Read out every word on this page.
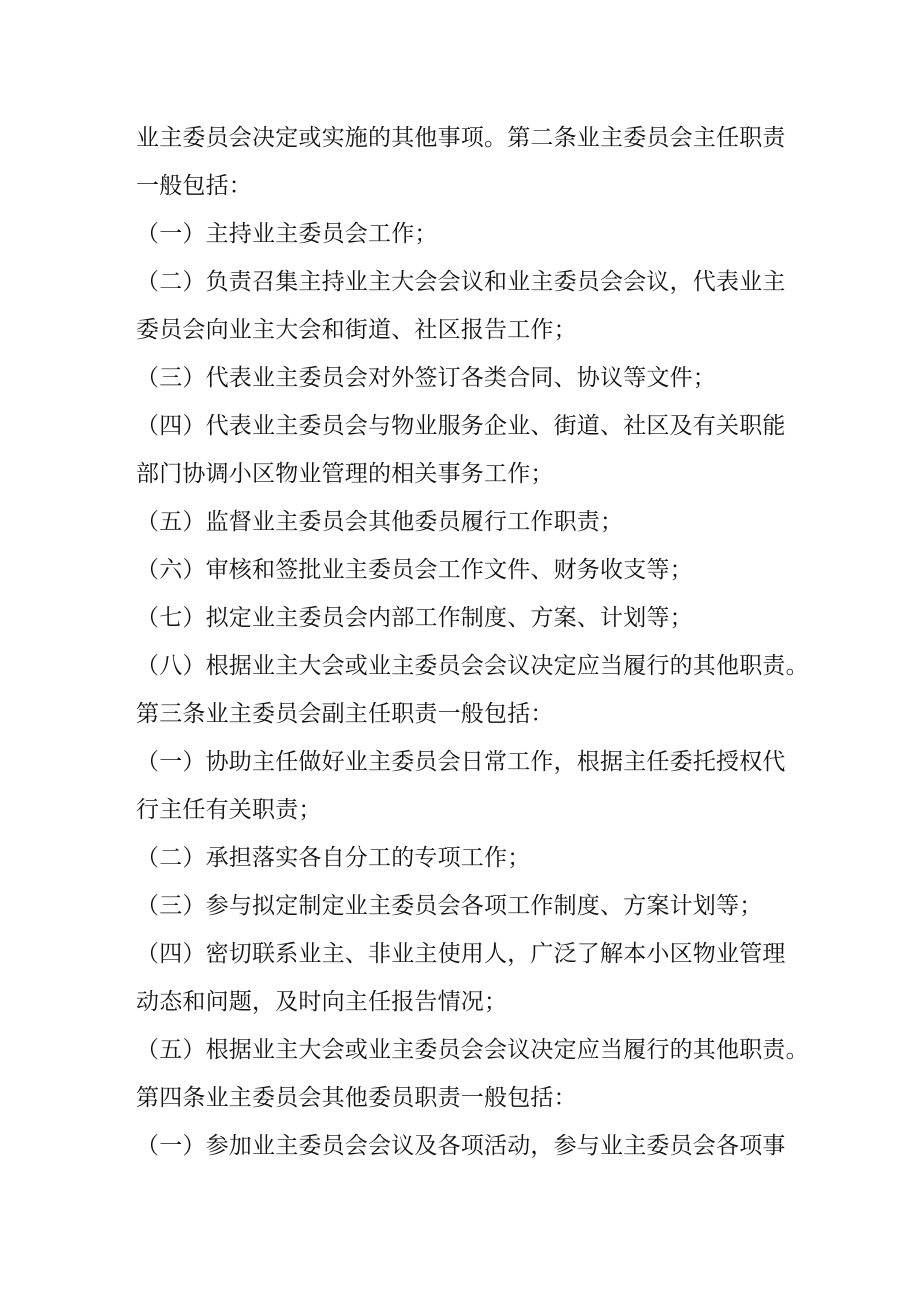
业主委员会决定或实施的其他事项。第二条业主委员会主任职责
一般包括：
（一）主持业主委员会工作；
（二）负责召集主持业主大会会议和业主委员会会议，代表业主
委员会向业主大会和街道、社区报告工作；
（三）代表业主委员会对外签订各类合同、协议等文件；
（四）代表业主委员会与物业服务企业、街道、社区及有关职能
部门协调小区物业管理的相关事务工作；
（五）监督业主委员会其他委员履行工作职责；
（六）审核和签批业主委员会工作文件、财务收支等；
（七）拟定业主委员会内部工作制度、方案、计划等；
（八）根据业主大会或业主委员会会议决定应当履行的其他职责。
第三条业主委员会副主任职责一般包括：
（一）协助主任做好业主委员会日常工作，根据主任委托授权代
行主任有关职责；
（二）承担落实各自分工的专项工作；
（三）参与拟定制定业主委员会各项工作制度、方案计划等；
（四）密切联系业主、非业主使用人，广泛了解本小区物业管理
动态和问题，及时向主任报告情况；
（五）根据业主大会或业主委员会会议决定应当履行的其他职责。
第四条业主委员会其他委员职责一般包括：
（一）参加业主委员会会议及各项活动，参与业主委员会各项事
